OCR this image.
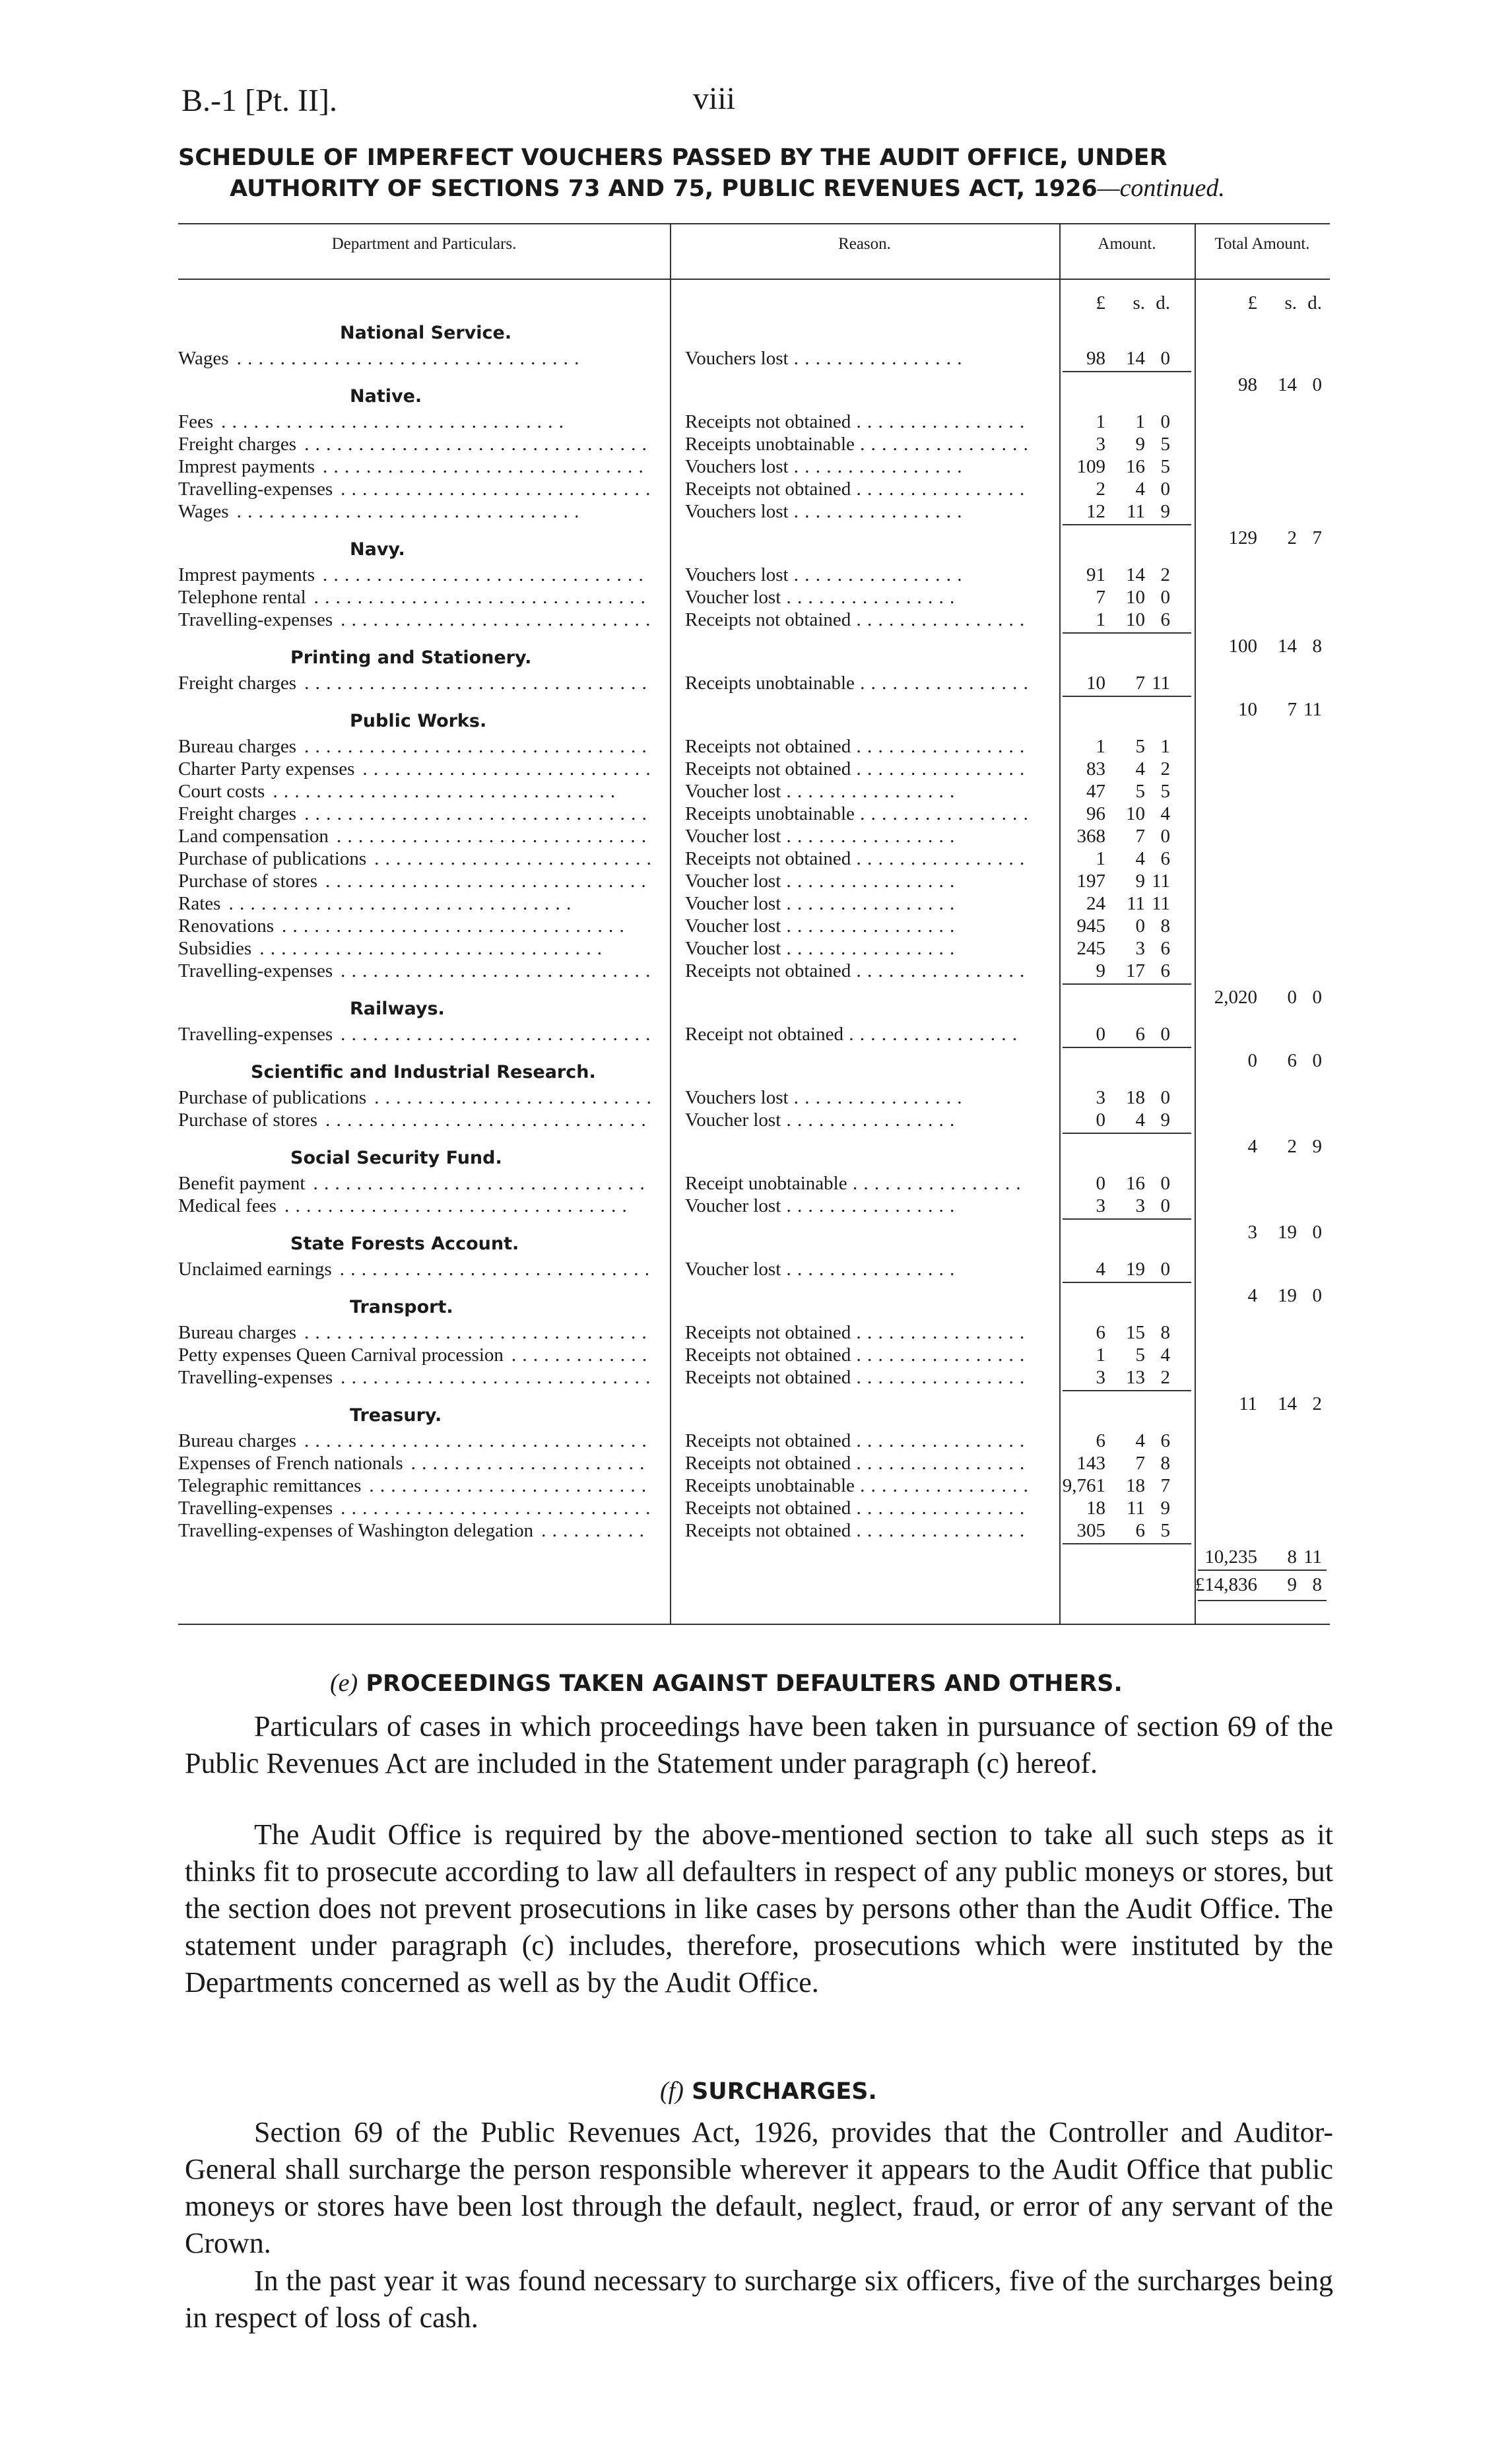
B.-1 [Pt. II].	viii
SCHEDULE OF IMPERFECT VOUCHERS PASSED BY THE AUDIT OFFICE, UNDER
AUTHORITY OF SECTIONS 73 AND 75, PUBLIC REVENUES ACT, 1926—continued.
Department and Particulars.	Reason.	Amount.	Total Amount.
£ s. d.	£ s. d.
National Service.
Wages . .	Vouchers lost . .	98 14 0
98 14 0
Native.
Fees . .	Receipts not obtained . .	1 1 0
Freight charges . .	Receipts unobtainable . .	3 9 5
Imprest payments . .	Vouchers lost . .	109 16 5
Travelling-expenses . .	Receipts not obtained . .	2 4 0
Wages . .	Vouchers lost . .	12 11 9
129 2 7
Navy.
Imprest payments . .	Vouchers lost . .	91 14 2
Telephone rental . .	Voucher lost . .	7 10 0
Travelling-expenses . .	Receipts not obtained . .	1 10 6
100 14 8
Printing and Stationery.
Freight charges . .	Receipts unobtainable . .	10 7 11
10 7 11
Public Works.
Bureau charges . .	Receipts not obtained . .	1 5 1
Charter Party expenses . .	Receipts not obtained . .	83 4 2
Court costs . .	Voucher lost . .	47 5 5
Freight charges . .	Receipts unobtainable . .	96 10 4
Land compensation . .	Voucher lost . .	368 7 0
Purchase of publications . .	Receipts not obtained . .	1 4 6
Purchase of stores . .	Voucher lost . .	197 9 11
Rates . .	Voucher lost . .	24 11 11
Renovations . .	Voucher lost . .	945 0 8
Subsidies . .	Voucher lost . .	245 3 6
Travelling-expenses . .	Receipts not obtained . .	9 17 6
2,020 0 0
Railways.
Travelling-expenses . .	Receipt not obtained . .	0 6 0
0 6 0
Scientific and Industrial Research.
Purchase of publications . .	Vouchers lost . .	3 18 0
Purchase of stores . .	Voucher lost . .	0 4 9
4 2 9
Social Security Fund.
Benefit payment . .	Receipt unobtainable . .	0 16 0
Medical fees . .	Voucher lost . .	3 3 0
3 19 0
State Forests Account.
Unclaimed earnings . .	Voucher lost . .	4 19 0
4 19 0
Transport.
Bureau charges . .	Receipts not obtained . .	6 15 8
Petty expenses Queen Carnival procession . .	Receipts not obtained . .	1 5 4
Travelling-expenses . .	Receipts not obtained . .	3 13 2
11 14 2
Treasury.
Bureau charges . .	Receipts not obtained . .	6 4 6
Expenses of French nationals . .	Receipts not obtained . .	143 7 8
Telegraphic remittances . .	Receipts unobtainable . .	9,761 18 7
Travelling-expenses . .	Receipts not obtained . .	18 11 9
Travelling-expenses of Washington delegation . .	Receipts not obtained . .	305 6 5
10,235 8 11
£14,836 9 8
(e) PROCEEDINGS TAKEN AGAINST DEFAULTERS AND OTHERS.
Particulars of cases in which proceedings have been taken in pursuance of section 69 of the Public Revenues Act are included in the Statement under paragraph (c) hereof.
The Audit Office is required by the above-mentioned section to take all such steps as it thinks fit to prosecute according to law all defaulters in respect of any public moneys or stores, but the section does not prevent prosecutions in like cases by persons other than the Audit Office. The statement under paragraph (c) includes, therefore, prosecutions which were instituted by the Departments concerned as well as by the Audit Office.
(f) SURCHARGES.
Section 69 of the Public Revenues Act, 1926, provides that the Controller and Auditor-General shall surcharge the person responsible wherever it appears to the Audit Office that public moneys or stores have been lost through the default, neglect, fraud, or error of any servant of the Crown.
In the past year it was found necessary to surcharge six officers, five of the surcharges being in respect of loss of cash.
